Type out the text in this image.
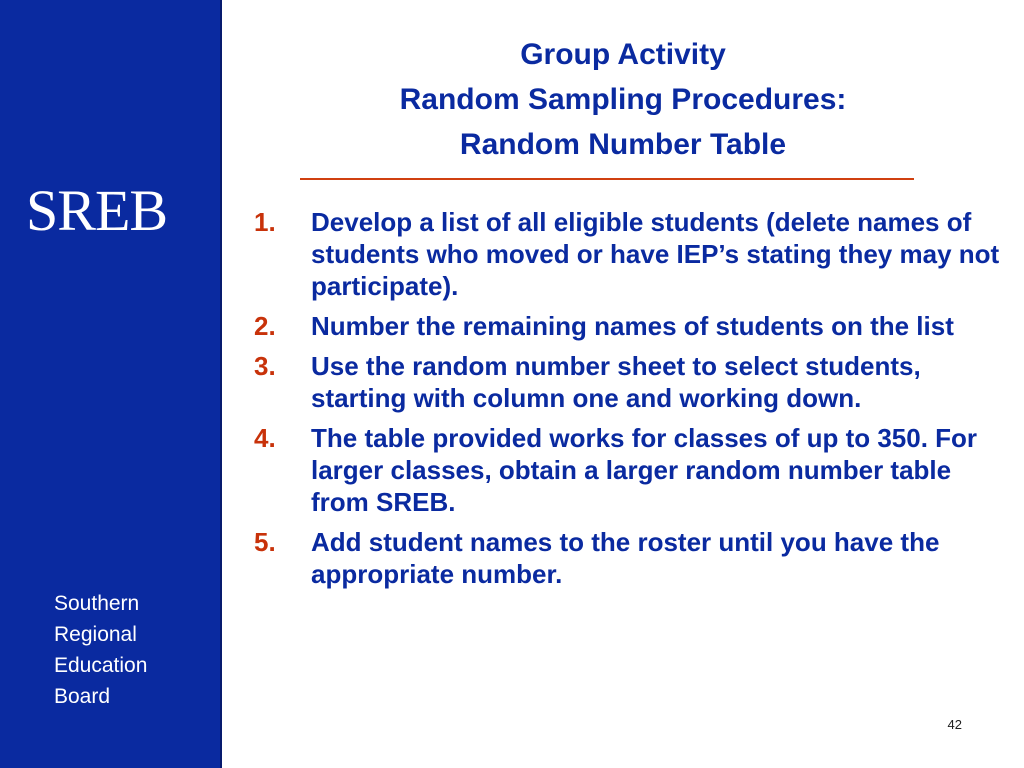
SREB
Southern
Regional
Education
Board
Group Activity
Random Sampling Procedures:
Random Number Table
1. Develop a list of all eligible students (delete names of students who moved or have IEP’s stating they may not participate).
2. Number the remaining names of students on the list
3. Use the random number sheet to select students, starting with column one and working down.
4. The table provided works for classes of up to 350. For larger classes, obtain a larger random number table from SREB.
5. Add student names to the roster until you have the appropriate number.
42
